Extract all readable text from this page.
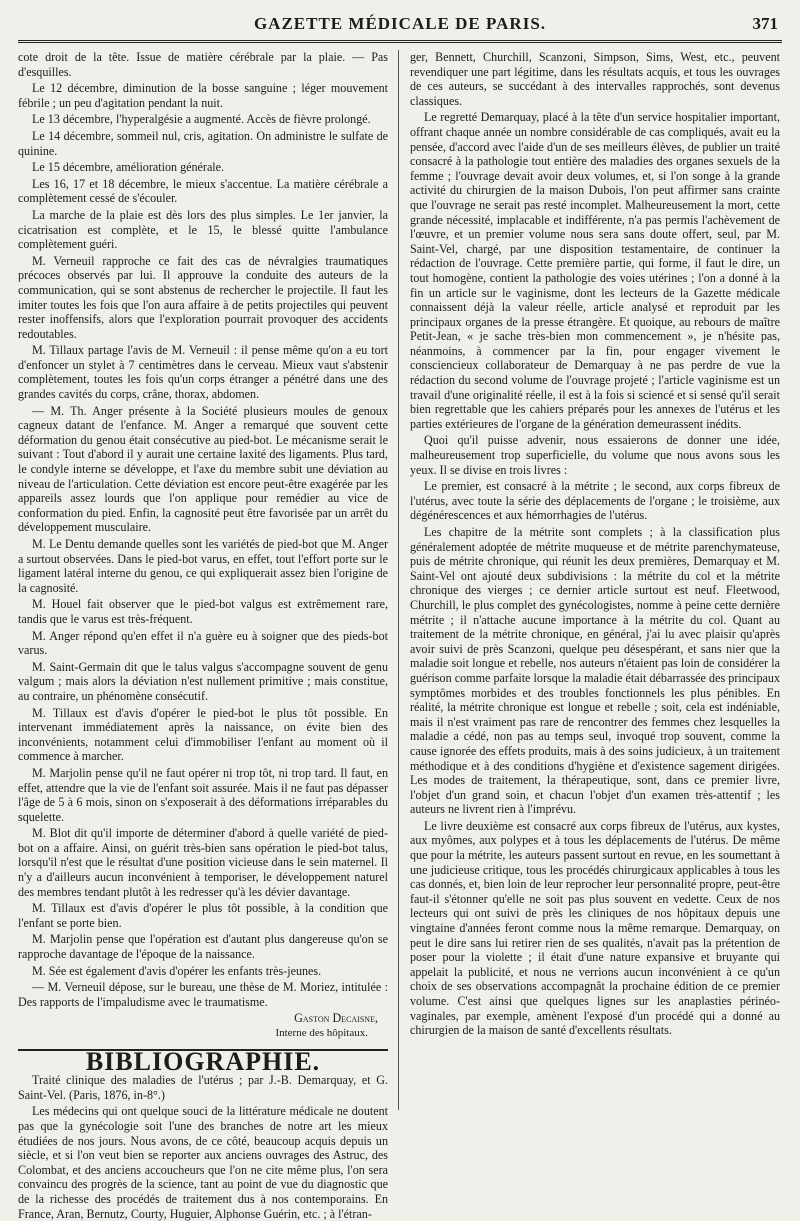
GAZETTE MÉDICALE DE PARIS.	371

cote droit de la tête. Issue de matière cérébrale par la plaie. — Pas d'esquilles.

Le 12 décembre, diminution de la bosse sanguine ; léger mouvement fébrile ; un peu d'agitation pendant la nuit.

Le 13 décembre, l'hyperalgésie a augmenté. Accès de fièvre prolongé.

Le 14 décembre, sommeil nul, cris, agitation. On administre le sulfate de quinine.

Le 15 décembre, amélioration générale.

Les 16, 17 et 18 décembre, le mieux s'accentue. La matière cérébrale a complètement cessé de s'écouler.

La marche de la plaie est dès lors des plus simples. Le 1er janvier, la cicatrisation est complète, et le 15, le blessé quitte l'ambulance complètement guéri.

M. Verneuil rapproche ce fait des cas de névralgies traumatiques précoces observés par lui. Il approuve la conduite des auteurs de la communication, qui se sont abstenus de rechercher le projectile. Il faut les imiter toutes les fois que l'on aura affaire à de petits projectiles qui peuvent rester inoffensifs, alors que l'exploration pourrait provoquer des accidents redoutables.

M. Tillaux partage l'avis de M. Verneuil : il pense même qu'on a eu tort d'enfoncer un stylet à 7 centimètres dans le cerveau. Mieux vaut s'abstenir complètement, toutes les fois qu'un corps étranger a pénétré dans une des grandes cavités du corps, crâne, thorax, abdomen.

— M. Th. Anger présente à la Société plusieurs moules de genoux cagneux datant de l'enfance. M. Anger a remarqué que souvent cette déformation du genou était consécutive au pied-bot. Le mécanisme serait le suivant : Tout d'abord il y aurait une certaine laxité des ligaments. Plus tard, le condyle interne se développe, et l'axe du membre subit une déviation au niveau de l'articulation. Cette déviation est encore peut-être exagérée par les appareils assez lourds que l'on applique pour remédier au vice de conformation du pied. Enfin, la cagnosité peut être favorisée par un arrêt du développement musculaire.

M. Le Dentu demande quelles sont les variétés de pied-bot que M. Anger a surtout observées. Dans le pied-bot varus, en effet, tout l'effort porte sur le ligament latéral interne du genou, ce qui expliquerait assez bien l'origine de la cagnosité.

M. Houel fait observer que le pied-bot valgus est extrêmement rare, tandis que le varus est très-fréquent.

M. Anger répond qu'en effet il n'a guère eu à soigner que des pieds-bot varus.

M. Saint-Germain dit que le talus valgus s'accompagne souvent de genu valgum ; mais alors la déviation n'est nullement primitive ; mais constitue, au contraire, un phénomène consécutif.

M. Tillaux est d'avis d'opérer le pied-bot le plus tôt possible. En intervenant immédiatement après la naissance, on évite bien des inconvénients, notamment celui d'immobiliser l'enfant au moment où il commence à marcher.

M. Marjolin pense qu'il ne faut opérer ni trop tôt, ni trop tard. Il faut, en effet, attendre que la vie de l'enfant soit assurée. Mais il ne faut pas dépasser l'âge de 5 à 6 mois, sinon on s'exposerait à des déformations irréparables du squelette.

M. Blot dit qu'il importe de déterminer d'abord à quelle variété de pied-bot on a affaire. Ainsi, on guérit très-bien sans opération le pied-bot talus, lorsqu'il n'est que le résultat d'une position vicieuse dans le sein maternel. Il n'y a d'ailleurs aucun inconvénient à temporiser, le développement naturel des membres tendant plutôt à les redresser qu'à les dévier davantage.

M. Tillaux est d'avis d'opérer le plus tôt possible, à la condition que l'enfant se porte bien.

M. Marjolin pense que l'opération est d'autant plus dangereuse qu'on se rapproche davantage de l'époque de la naissance.

M. Sée est également d'avis d'opérer les enfants très-jeunes.

— M. Verneuil dépose, sur le bureau, une thèse de M. Moriez, intitulée : Des rapports de l'impaludisme avec le traumatisme.

Gaston Decaisne,
Interne des hôpitaux.
BIBLIOGRAPHIE.

Traité clinique des maladies de l'utérus ; par J.-B. Demarquay, et G. Saint-Vel. (Paris, 1876, in-8°.)

Les médecins qui ont quelque souci de la littérature médicale ne doutent pas que la gynécologie soit l'une des branches de notre art les mieux étudiées de nos jours. Nous avons, de ce côté, beaucoup acquis depuis un siècle, et si l'on veut bien se reporter aux anciens ouvrages des Astruc, des Colombat, et des anciens accoucheurs que l'on ne cite même plus, l'on sera convaincu des progrès de la science, tant au point de vue du diagnostic que de la richesse des procédés de traitement dus à nos contemporains. En France, Aran, Bernutz, Courty, Huguier, Alphonse Guérin, etc. ; à l'étran-

ger, Bennett, Churchill, Scanzoni, Simpson, Sims, West, etc., peuvent revendiquer une part légitime, dans les résultats acquis, et tous les ouvrages de ces auteurs, se succédant à des intervalles rapprochés, sont devenus classiques.

Le regretté Demarquay, placé à la tête d'un service hospitalier important, offrant chaque année un nombre considérable de cas compliqués, avait eu la pensée, d'accord avec l'aide d'un de ses meilleurs élèves, de publier un traité consacré à la pathologie tout entière des maladies des organes sexuels de la femme ; l'ouvrage devait avoir deux volumes, et, si l'on songe à la grande activité du chirurgien de la maison Dubois, l'on peut affirmer sans crainte que l'ouvrage ne serait pas resté incomplet. Malheureusement la mort, cette grande nécessité, implacable et indifférente, n'a pas permis l'achèvement de l'œuvre, et un premier volume nous sera sans doute offert, seul, par M. Saint-Vel, chargé, par une disposition testamentaire, de continuer la rédaction de l'ouvrage. Cette première partie, qui forme, il faut le dire, un tout homogène, contient la pathologie des voies utérines ; l'on a donné à la fin un article sur le vaginisme, dont les lecteurs de la Gazette médicale connaissent déjà la valeur réelle, article analysé et reproduit par les principaux organes de la presse étrangère. Et quoique, au rebours de maître Petit-Jean, « je sache très-bien mon commencement », je n'hésite pas, néanmoins, à commencer par la fin, pour engager vivement le consciencieux collaborateur de Demarquay à ne pas perdre de vue la rédaction du second volume de l'ouvrage projeté ; l'article vaginisme est un travail d'une originalité réelle, il est à la fois si sciencé et si sensé qu'il serait bien regrettable que les cahiers préparés pour les annexes de l'utérus et les parties extérieures de l'organe de la génération demeurassent inédits.

Quoi qu'il puisse advenir, nous essaierons de donner une idée, malheureusement trop superficielle, du volume que nous avons sous les yeux. Il se divise en trois livres :

Le premier, est consacré à la métrite ; le second, aux corps fibreux de l'utérus, avec toute la série des déplacements de l'organe ; le troisième, aux dégénérescences et aux hémorrhagies de l'utérus.

Les chapitre de la métrite sont complets ; à la classification plus généralement adoptée de métrite muqueuse et de métrite parenchymateuse, puis de métrite chronique, qui réunit les deux premières, Demarquay et M. Saint-Vel ont ajouté deux subdivisions : la métrite du col et la métrite chronique des vierges ; ce dernier article surtout est neuf. Fleetwood, Churchill, le plus complet des gynécologistes, nomme à peine cette dernière métrite ; il n'attache aucune importance à la métrite du col. Quant au traitement de la métrite chronique, en général, j'ai lu avec plaisir qu'après avoir suivi de près Scanzoni, quelque peu désespérant, et sans nier que la maladie soit longue et rebelle, nos auteurs n'étaient pas loin de considérer la guérison comme parfaite lorsque la maladie était débarrassée des principaux symptômes morbides et des troubles fonctionnels les plus pénibles. En réalité, la métrite chronique est longue et rebelle ; soit, cela est indéniable, mais il n'est vraiment pas rare de rencontrer des femmes chez lesquelles la maladie a cédé, non pas au temps seul, invoqué trop souvent, comme la cause ignorée des effets produits, mais à des soins judicieux, à un traitement méthodique et à des conditions d'hygiène et d'existence sagement dirigées. Les modes de traitement, la thérapeutique, sont, dans ce premier livre, l'objet d'un grand soin, et chacun l'objet d'un examen très-attentif ; les auteurs ne livrent rien à l'imprévu.

Le livre deuxième est consacré aux corps fibreux de l'utérus, aux kystes, aux myômes, aux polypes et à tous les déplacements de l'utérus. De même que pour la métrite, les auteurs passent surtout en revue, en les soumettant à une judicieuse critique, tous les procédés chirurgicaux applicables à tous les cas donnés, et, bien loin de leur reprocher leur personnalité propre, peut-être faut-il s'étonner qu'elle ne soit pas plus souvent en vedette. Ceux de nos lecteurs qui ont suivi de près les cliniques de nos hôpitaux depuis une vingtaine d'années feront comme nous la même remarque. Demarquay, on peut le dire sans lui retirer rien de ses qualités, n'avait pas la prétention de poser pour la violette ; il était d'une nature expansive et bruyante qui appelait la publicité, et nous ne verrions aucun inconvénient à ce qu'un choix de ses observations accompagnât la prochaine édition de ce premier volume. C'est ainsi que quelques lignes sur les anaplasties périnéo-vaginales, par exemple, amènent l'exposé d'un procédé qui a donné au chirurgien de la maison de santé d'excellents résultats.
